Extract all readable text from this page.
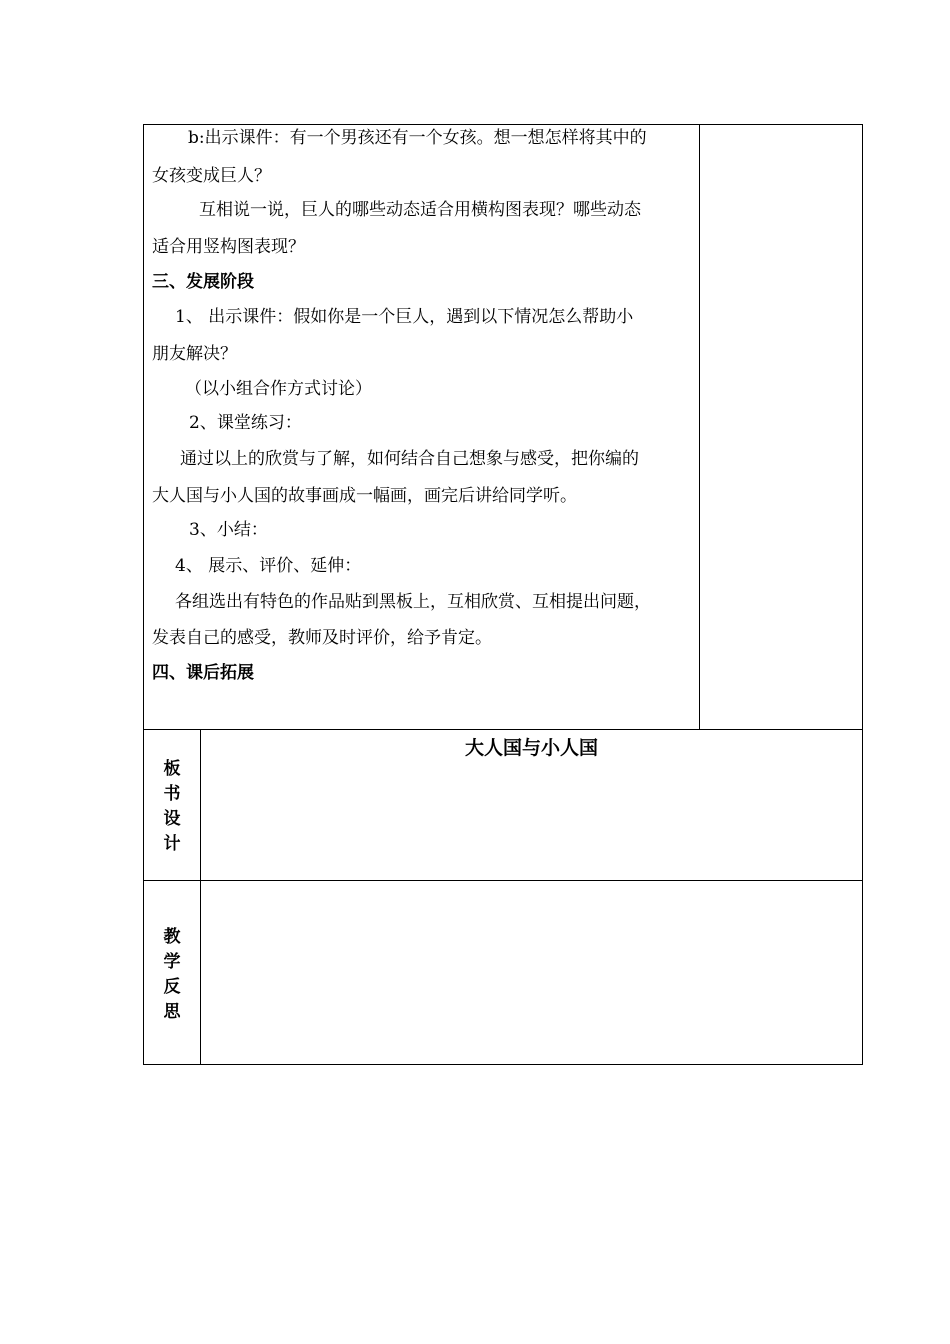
b:出示课件：有一个男孩还有一个女孩。想一想怎样将其中的
女孩变成巨人？
互相说一说，巨人的哪些动态适合用横构图表现？哪些动态
适合用竖构图表现？
三、发展阶段
1、 出示课件：假如你是一个巨人，遇到以下情况怎么帮助小
朋友解决？
（以小组合作方式讨论）
2、课堂练习：
通过以上的欣赏与了解，如何结合自己想象与感受，把你编的
大人国与小人国的故事画成一幅画，画完后讲给同学听。
3、小结：
4、 展示、评价、延伸：
各组选出有特色的作品贴到黑板上，互相欣赏、互相提出问题，
发表自己的感受，教师及时评价，给予肯定。
四、课后拓展
板
书
设
计
大人国与小人国
教
学
反
思
